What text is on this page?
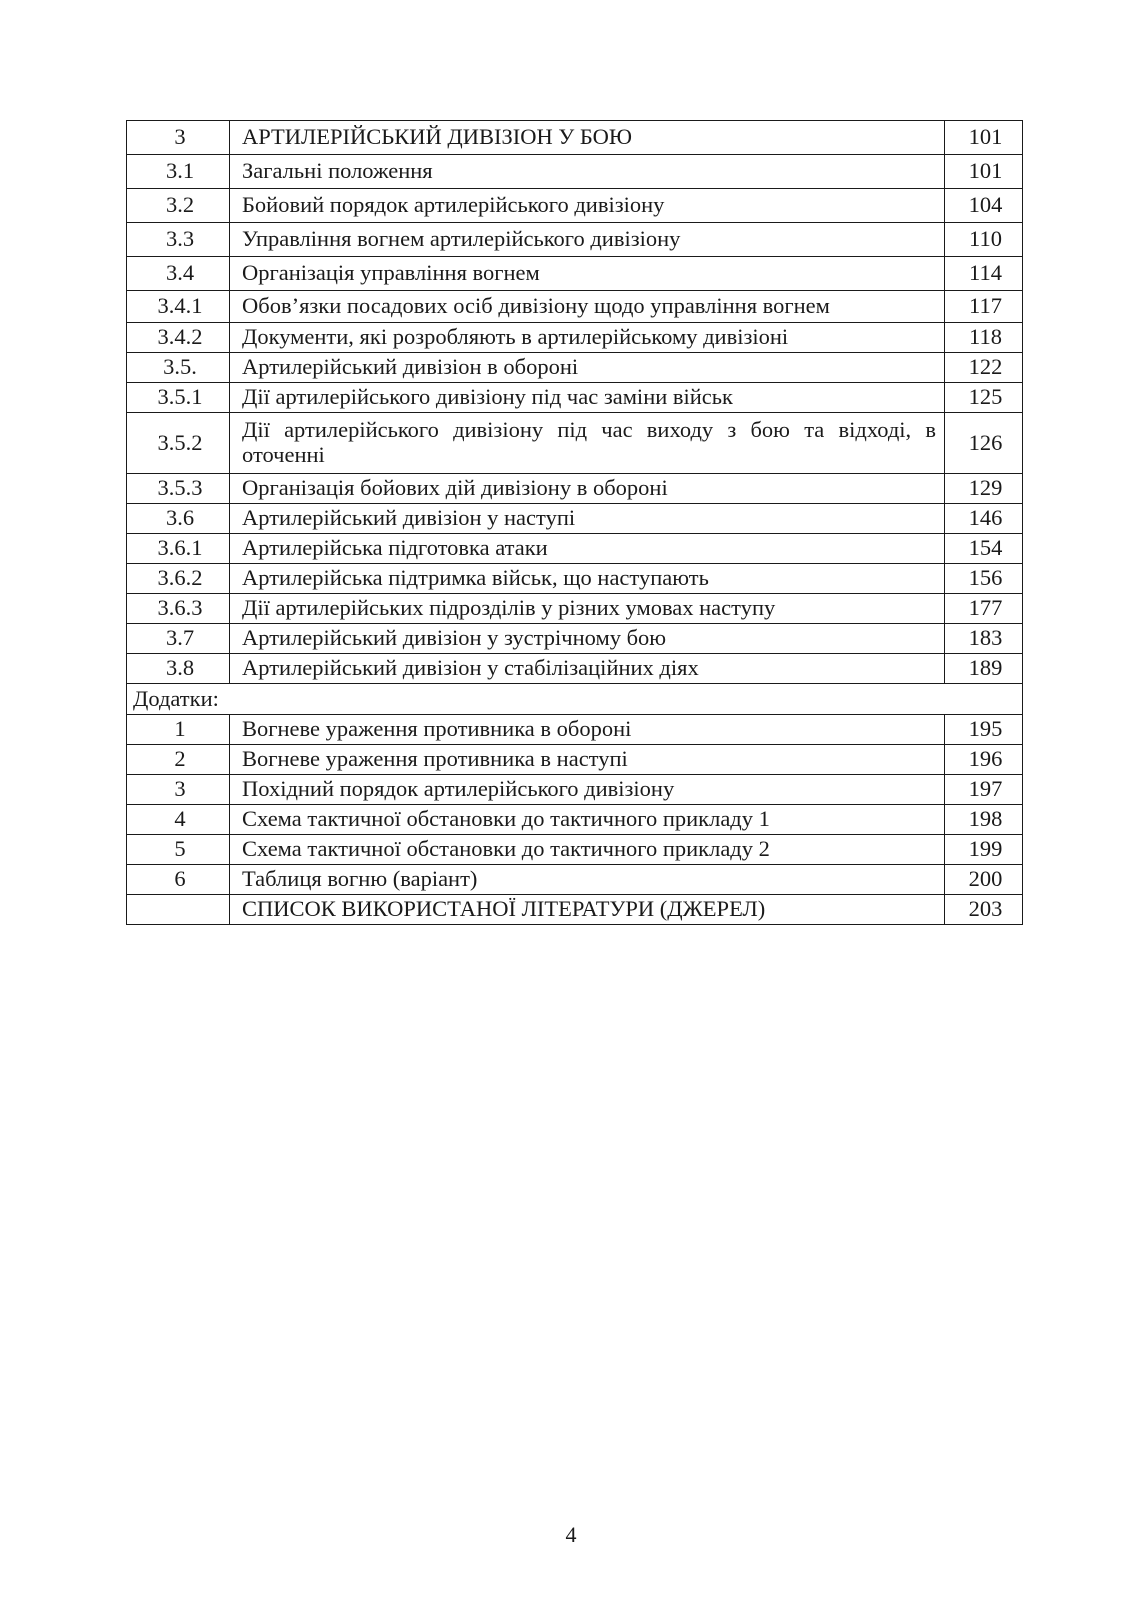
3	АРТИЛЕРІЙСЬКИЙ ДИВІЗІОН У БОЮ	101
3.1	Загальні положення	101
3.2	Бойовий порядок артилерійського дивізіону	104
3.3	Управління вогнем артилерійського дивізіону	110
3.4	Організація управління вогнем	114
3.4.1	Обов’язки посадових осіб дивізіону щодо управління вогнем	117
3.4.2	Документи, які розробляють в артилерійському дивізіоні	118
3.5.	Артилерійський дивізіон в обороні	122
3.5.1	Дії артилерійського дивізіону під час заміни військ	125
3.5.2	Дії артилерійського дивізіону під час виходу з бою та відході, в оточенні	126
3.5.3	Організація бойових дій дивізіону в обороні	129
3.6	Артилерійський дивізіон у наступі	146
3.6.1	Артилерійська підготовка атаки	154
3.6.2	Артилерійська підтримка військ, що наступають	156
3.6.3	Дії артилерійських підрозділів у різних умовах наступу	177
3.7	Артилерійський дивізіон у зустрічному бою	183
3.8	Артилерійський дивізіон у стабілізаційних діях	189
Додатки:		
1	Вогневе ураження противника в обороні	195
2	Вогневе ураження противника в наступі	196
3	Похідний порядок артилерійського дивізіону	197
4	Схема тактичної обстановки до тактичного прикладу 1	198
5	Схема тактичної обстановки до тактичного прикладу 2	199
6	Таблиця вогню (варіант)	200
	СПИСОК ВИКОРИСТАНОЇ ЛІТЕРАТУРИ (ДЖЕРЕЛ)	203
4
